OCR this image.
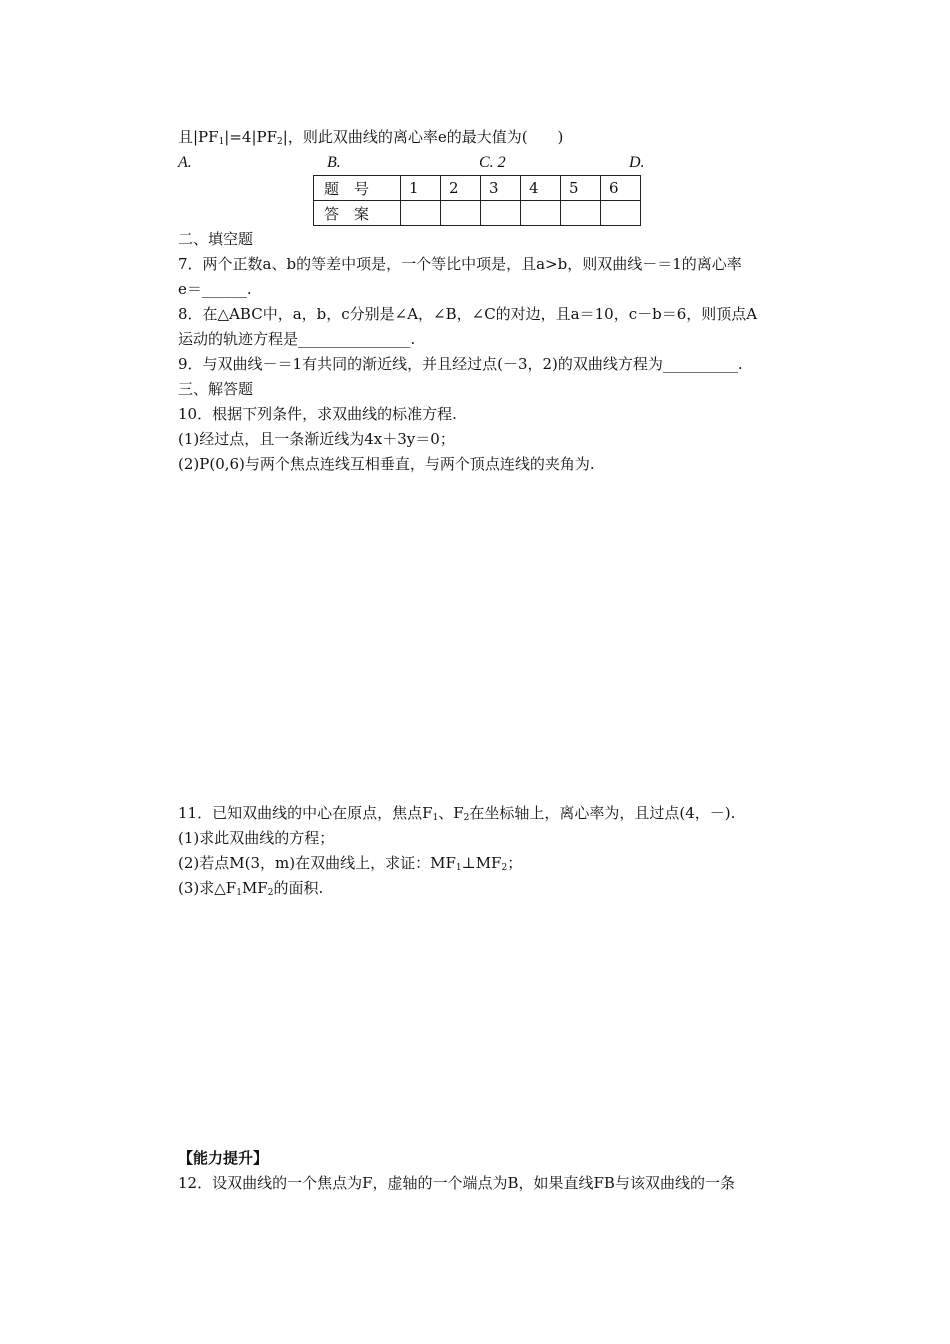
且$|PF_1|=4|PF_2|$，则此双曲线的离心率e的最大值为(　　)
A.	B.	C. 2	D.
题　号	1	2	3	4	5	6
答　案						
二、填空题
7．两个正数a、b的等差中项是，一个等比中项是，且a>b，则双曲线－＝1的离心率
e＝______.
8．在△ABC中，a，b，c分别是∠A，∠B，∠C的对边，且a＝10，c－b＝6，则顶点A
运动的轨迹方程是_______________.
9．与双曲线－＝1有共同的渐近线，并且经过点(－3，2)的双曲线方程为__________.
三、解答题
10．根据下列条件，求双曲线的标准方程.
(1)经过点，且一条渐近线为4x＋3y＝0；
(2)P(0,6)与两个焦点连线互相垂直，与两个顶点连线的夹角为.
11．已知双曲线的中心在原点，焦点$F_1$、$F_2$在坐标轴上，离心率为，且过点(4，－).
(1)求此双曲线的方程；
(2)若点M(3，m)在双曲线上，求证：$MF_1\perp MF_2$；
(3)求$\triangle F_1MF_2$的面积.
【能力提升】
12．设双曲线的一个焦点为F，虚轴的一个端点为B，如果直线FB与该双曲线的一条
